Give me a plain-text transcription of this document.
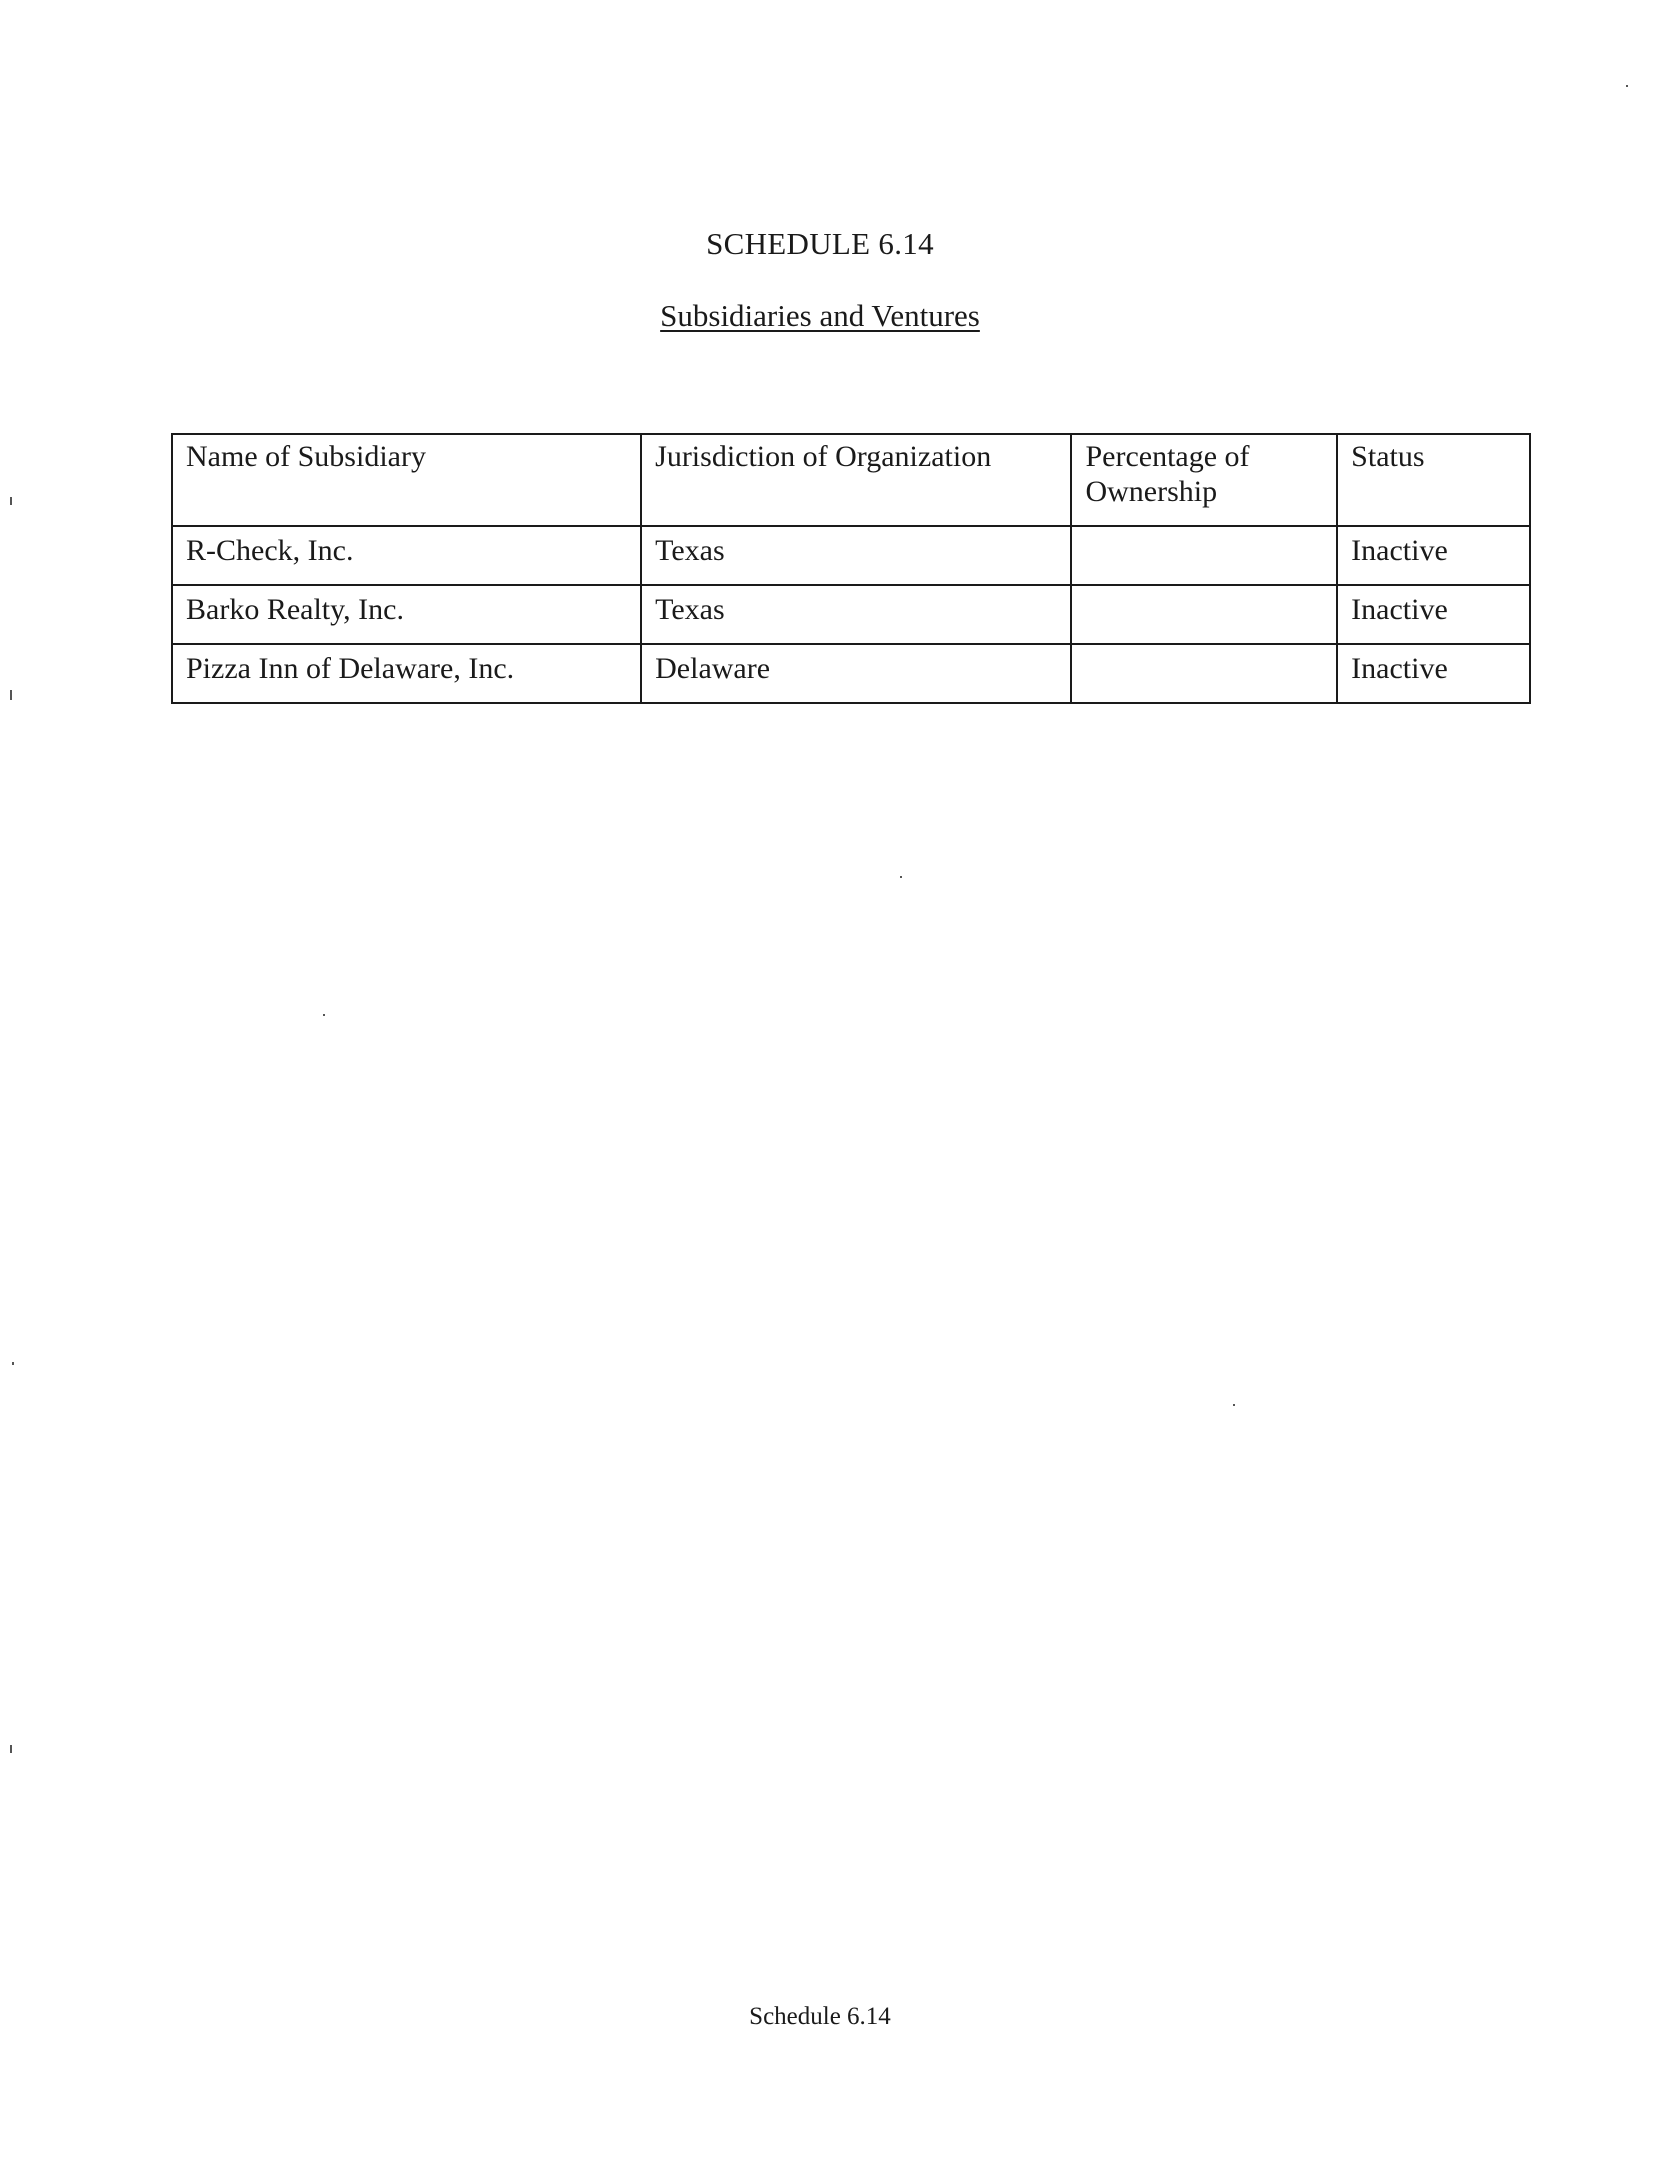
SCHEDULE 6.14
Subsidiaries and Ventures
Name of Subsidiary	Jurisdiction of Organization	Percentage of Ownership	Status
R-Check, Inc.	Texas		Inactive
Barko Realty, Inc.	Texas		Inactive
Pizza Inn of Delaware, Inc.	Delaware		Inactive
Schedule 6.14
